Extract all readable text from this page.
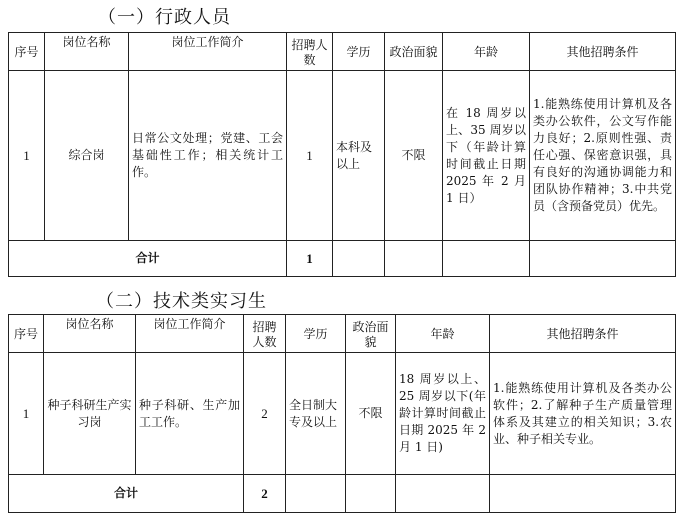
（一）行政人员
序号	岗位名称	岗位工作简介	招聘人数	学历	政治面貌	年龄	其他招聘条件
1	综合岗	日常公文处理；党建、工会基础性工作；相关统计工作。	1	本科及以上	不限	在 18 周岁以上、35 周岁以下（年龄计算时间截止日期 2025 年 2 月 1 日）	1.能熟练使用计算机及各类办公软件，公文写作能力良好；2.原则性强、责任心强、保密意识强，具有良好的沟通协调能力和团队协作精神；3.中共党员（含预备党员）优先。
合计			1				
（二）技术类实习生
序号	岗位名称	岗位工作简介	招聘人数	学历	政治面貌	年龄	其他招聘条件
1	种子科研生产实习岗	种子科研、生产加工工作。	2	全日制大专及以上	不限	18 周岁以上、25 周岁以下(年龄计算时间截止日期 2025 年 2 月 1 日)	1.能熟练使用计算机及各类办公软件；2.了解种子生产质量管理体系及其建立的相关知识；3.农业、种子相关专业。
合计			2				
